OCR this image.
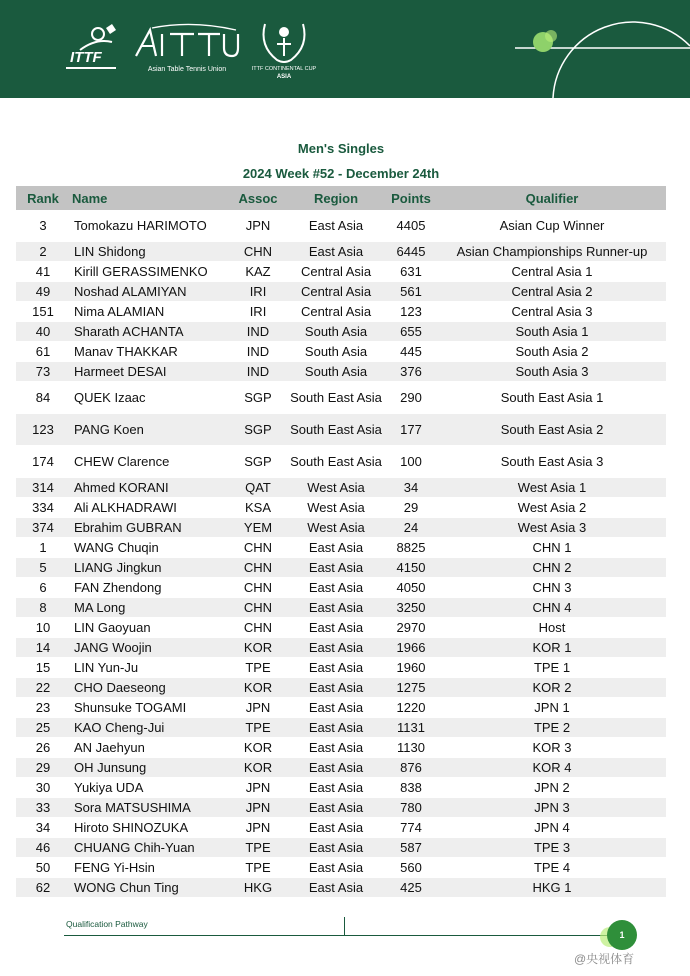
ITTF
Asian Table Tennis Union	ITTF CONTINENTAL CUP
ASIA
Men's Singles
2024 Week #52 - December 24th
Rank	Name	Assoc	Region	Points	Qualifier
3	Tomokazu HARIMOTO	JPN	East Asia	4405	Asian Cup Winner
2	LIN Shidong	CHN	East Asia	6445	Asian Championships Runner-up
41	Kirill GERASSIMENKO	KAZ	Central Asia	631	Central Asia 1
49	Noshad ALAMIYAN	IRI	Central Asia	561	Central Asia 2
151	Nima ALAMIAN	IRI	Central Asia	123	Central Asia 3
40	Sharath ACHANTA	IND	South Asia	655	South Asia 1
61	Manav THAKKAR	IND	South Asia	445	South Asia 2
73	Harmeet DESAI	IND	South Asia	376	South Asia 3
84	QUEK Izaac	SGP	South East Asia	290	South East Asia 1
123	PANG Koen	SGP	South East Asia	177	South East Asia 2
174	CHEW Clarence	SGP	South East Asia	100	South East Asia 3
314	Ahmed KORANI	QAT	West Asia	34	West Asia 1
334	Ali ALKHADRAWI	KSA	West Asia	29	West Asia 2
374	Ebrahim GUBRAN	YEM	West Asia	24	West Asia 3
1	WANG Chuqin	CHN	East Asia	8825	CHN 1
5	LIANG Jingkun	CHN	East Asia	4150	CHN 2
6	FAN Zhendong	CHN	East Asia	4050	CHN 3
8	MA Long	CHN	East Asia	3250	CHN 4
10	LIN Gaoyuan	CHN	East Asia	2970	Host
14	JANG Woojin	KOR	East Asia	1966	KOR 1
15	LIN Yun-Ju	TPE	East Asia	1960	TPE 1
22	CHO Daeseong	KOR	East Asia	1275	KOR 2
23	Shunsuke TOGAMI	JPN	East Asia	1220	JPN 1
25	KAO Cheng-Jui	TPE	East Asia	1131	TPE 2
26	AN Jaehyun	KOR	East Asia	1130	KOR 3
29	OH Junsung	KOR	East Asia	876	KOR 4
30	Yukiya UDA	JPN	East Asia	838	JPN 2
33	Sora MATSUSHIMA	JPN	East Asia	780	JPN 3
34	Hiroto SHINOZUKA	JPN	East Asia	774	JPN 4
46	CHUANG Chih-Yuan	TPE	East Asia	587	TPE 3
50	FENG Yi-Hsin	TPE	East Asia	560	TPE 4
62	WONG Chun Ting	HKG	East Asia	425	HKG 1
Qualification Pathway
1
@央视体育
